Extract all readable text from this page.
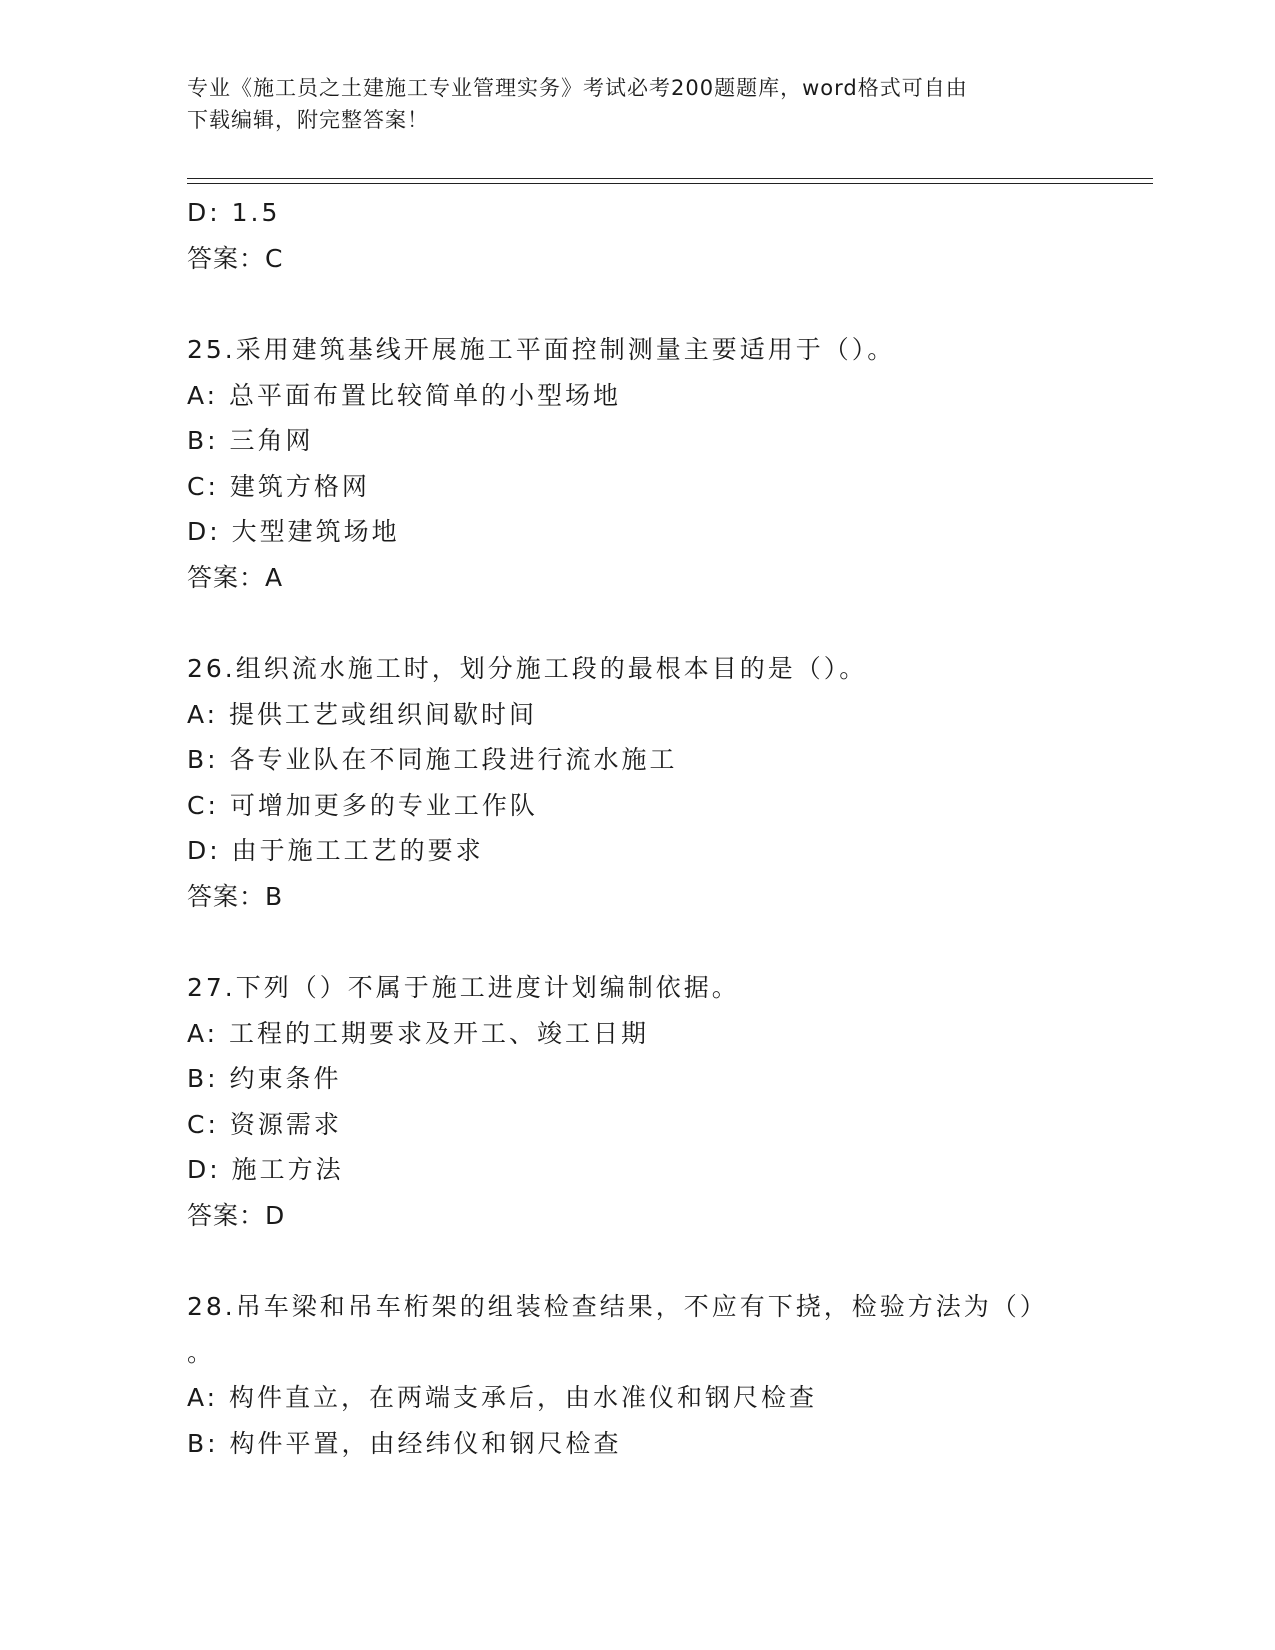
专业《施工员之土建施工专业管理实务》考试必考200题题库，word格式可自由
下载编辑，附完整答案！
D: 1.5
答案：C
25.采用建筑基线开展施工平面控制测量主要适用于（）。
A: 总平面布置比较简单的小型场地
B: 三角网
C: 建筑方格网
D: 大型建筑场地
答案：A
26.组织流水施工时，划分施工段的最根本目的是（）。
A: 提供工艺或组织间歇时间
B: 各专业队在不同施工段进行流水施工
C: 可增加更多的专业工作队
D: 由于施工工艺的要求
答案：B
27.下列（）不属于施工进度计划编制依据。
A: 工程的工期要求及开工、竣工日期
B: 约束条件
C: 资源需求
D: 施工方法
答案：D
28.吊车梁和吊车桁架的组装检查结果，不应有下挠，检验方法为（）
。
A: 构件直立，在两端支承后，由水准仪和钢尺检查
B: 构件平置，由经纬仪和钢尺检查
